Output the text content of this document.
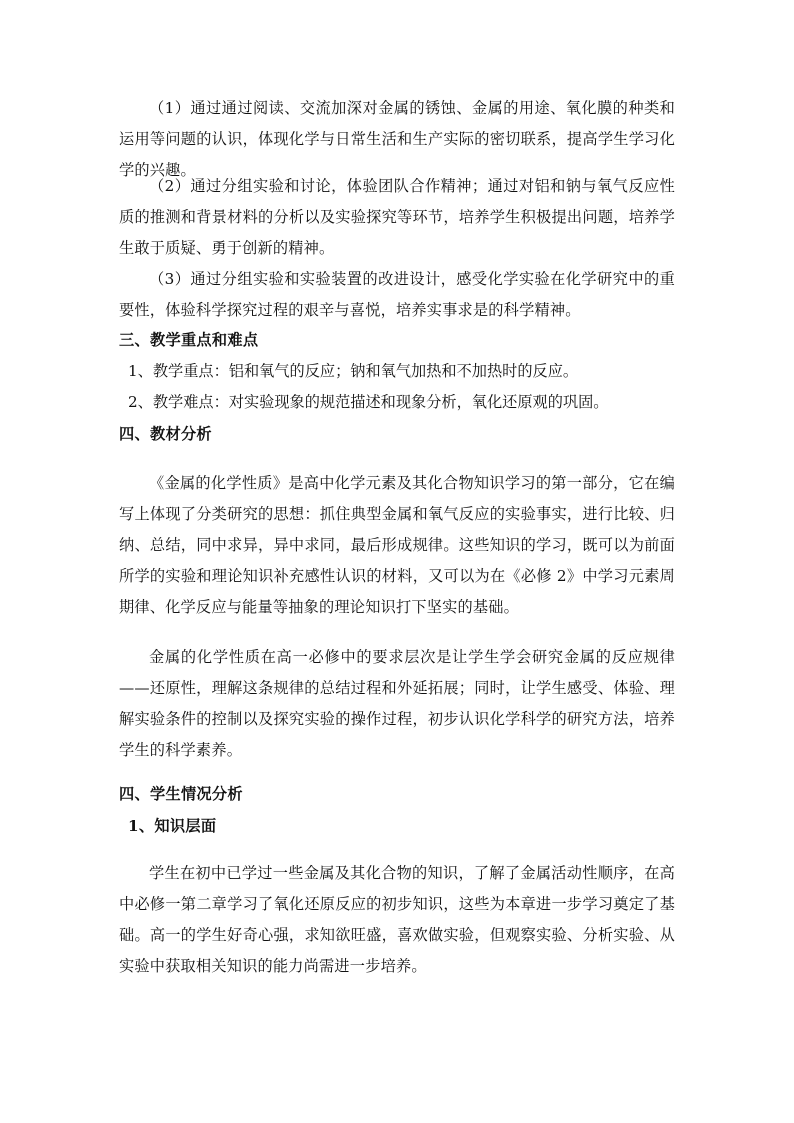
（1）通过通过阅读、交流加深对金属的锈蚀、金属的用途、氧化膜的种类和运用等问题的认识，体现化学与日常生活和生产实际的密切联系，提高学生学习化学的兴趣。
（2）通过分组实验和讨论，体验团队合作精神；通过对铝和钠与氧气反应性质的推测和背景材料的分析以及实验探究等环节，培养学生积极提出问题，培养学生敢于质疑、勇于创新的精神。
（3）通过分组实验和实验装置的改进设计，感受化学实验在化学研究中的重要性，体验科学探究过程的艰辛与喜悦，培养实事求是的科学精神。
三、教学重点和难点
1、教学重点：铝和氧气的反应；钠和氧气加热和不加热时的反应。
2、教学难点：对实验现象的规范描述和现象分析，氧化还原观的巩固。
四、教材分析
《金属的化学性质》是高中化学元素及其化合物知识学习的第一部分，它在编写上体现了分类研究的思想：抓住典型金属和氧气反应的实验事实，进行比较、归纳、总结，同中求异，异中求同，最后形成规律。这些知识的学习，既可以为前面所学的实验和理论知识补充感性认识的材料，又可以为在《必修 2》中学习元素周期律、化学反应与能量等抽象的理论知识打下坚实的基础。
金属的化学性质在高一必修中的要求层次是让学生学会研究金属的反应规律——还原性，理解这条规律的总结过程和外延拓展；同时，让学生感受、体验、理解实验条件的控制以及探究实验的操作过程，初步认识化学科学的研究方法，培养学生的科学素养。
四、学生情况分析
1、知识层面
学生在初中已学过一些金属及其化合物的知识，了解了金属活动性顺序，在高中必修一第二章学习了氧化还原反应的初步知识，这些为本章进一步学习奠定了基础。高一的学生好奇心强，求知欲旺盛，喜欢做实验，但观察实验、分析实验、从实验中获取相关知识的能力尚需进一步培养。
